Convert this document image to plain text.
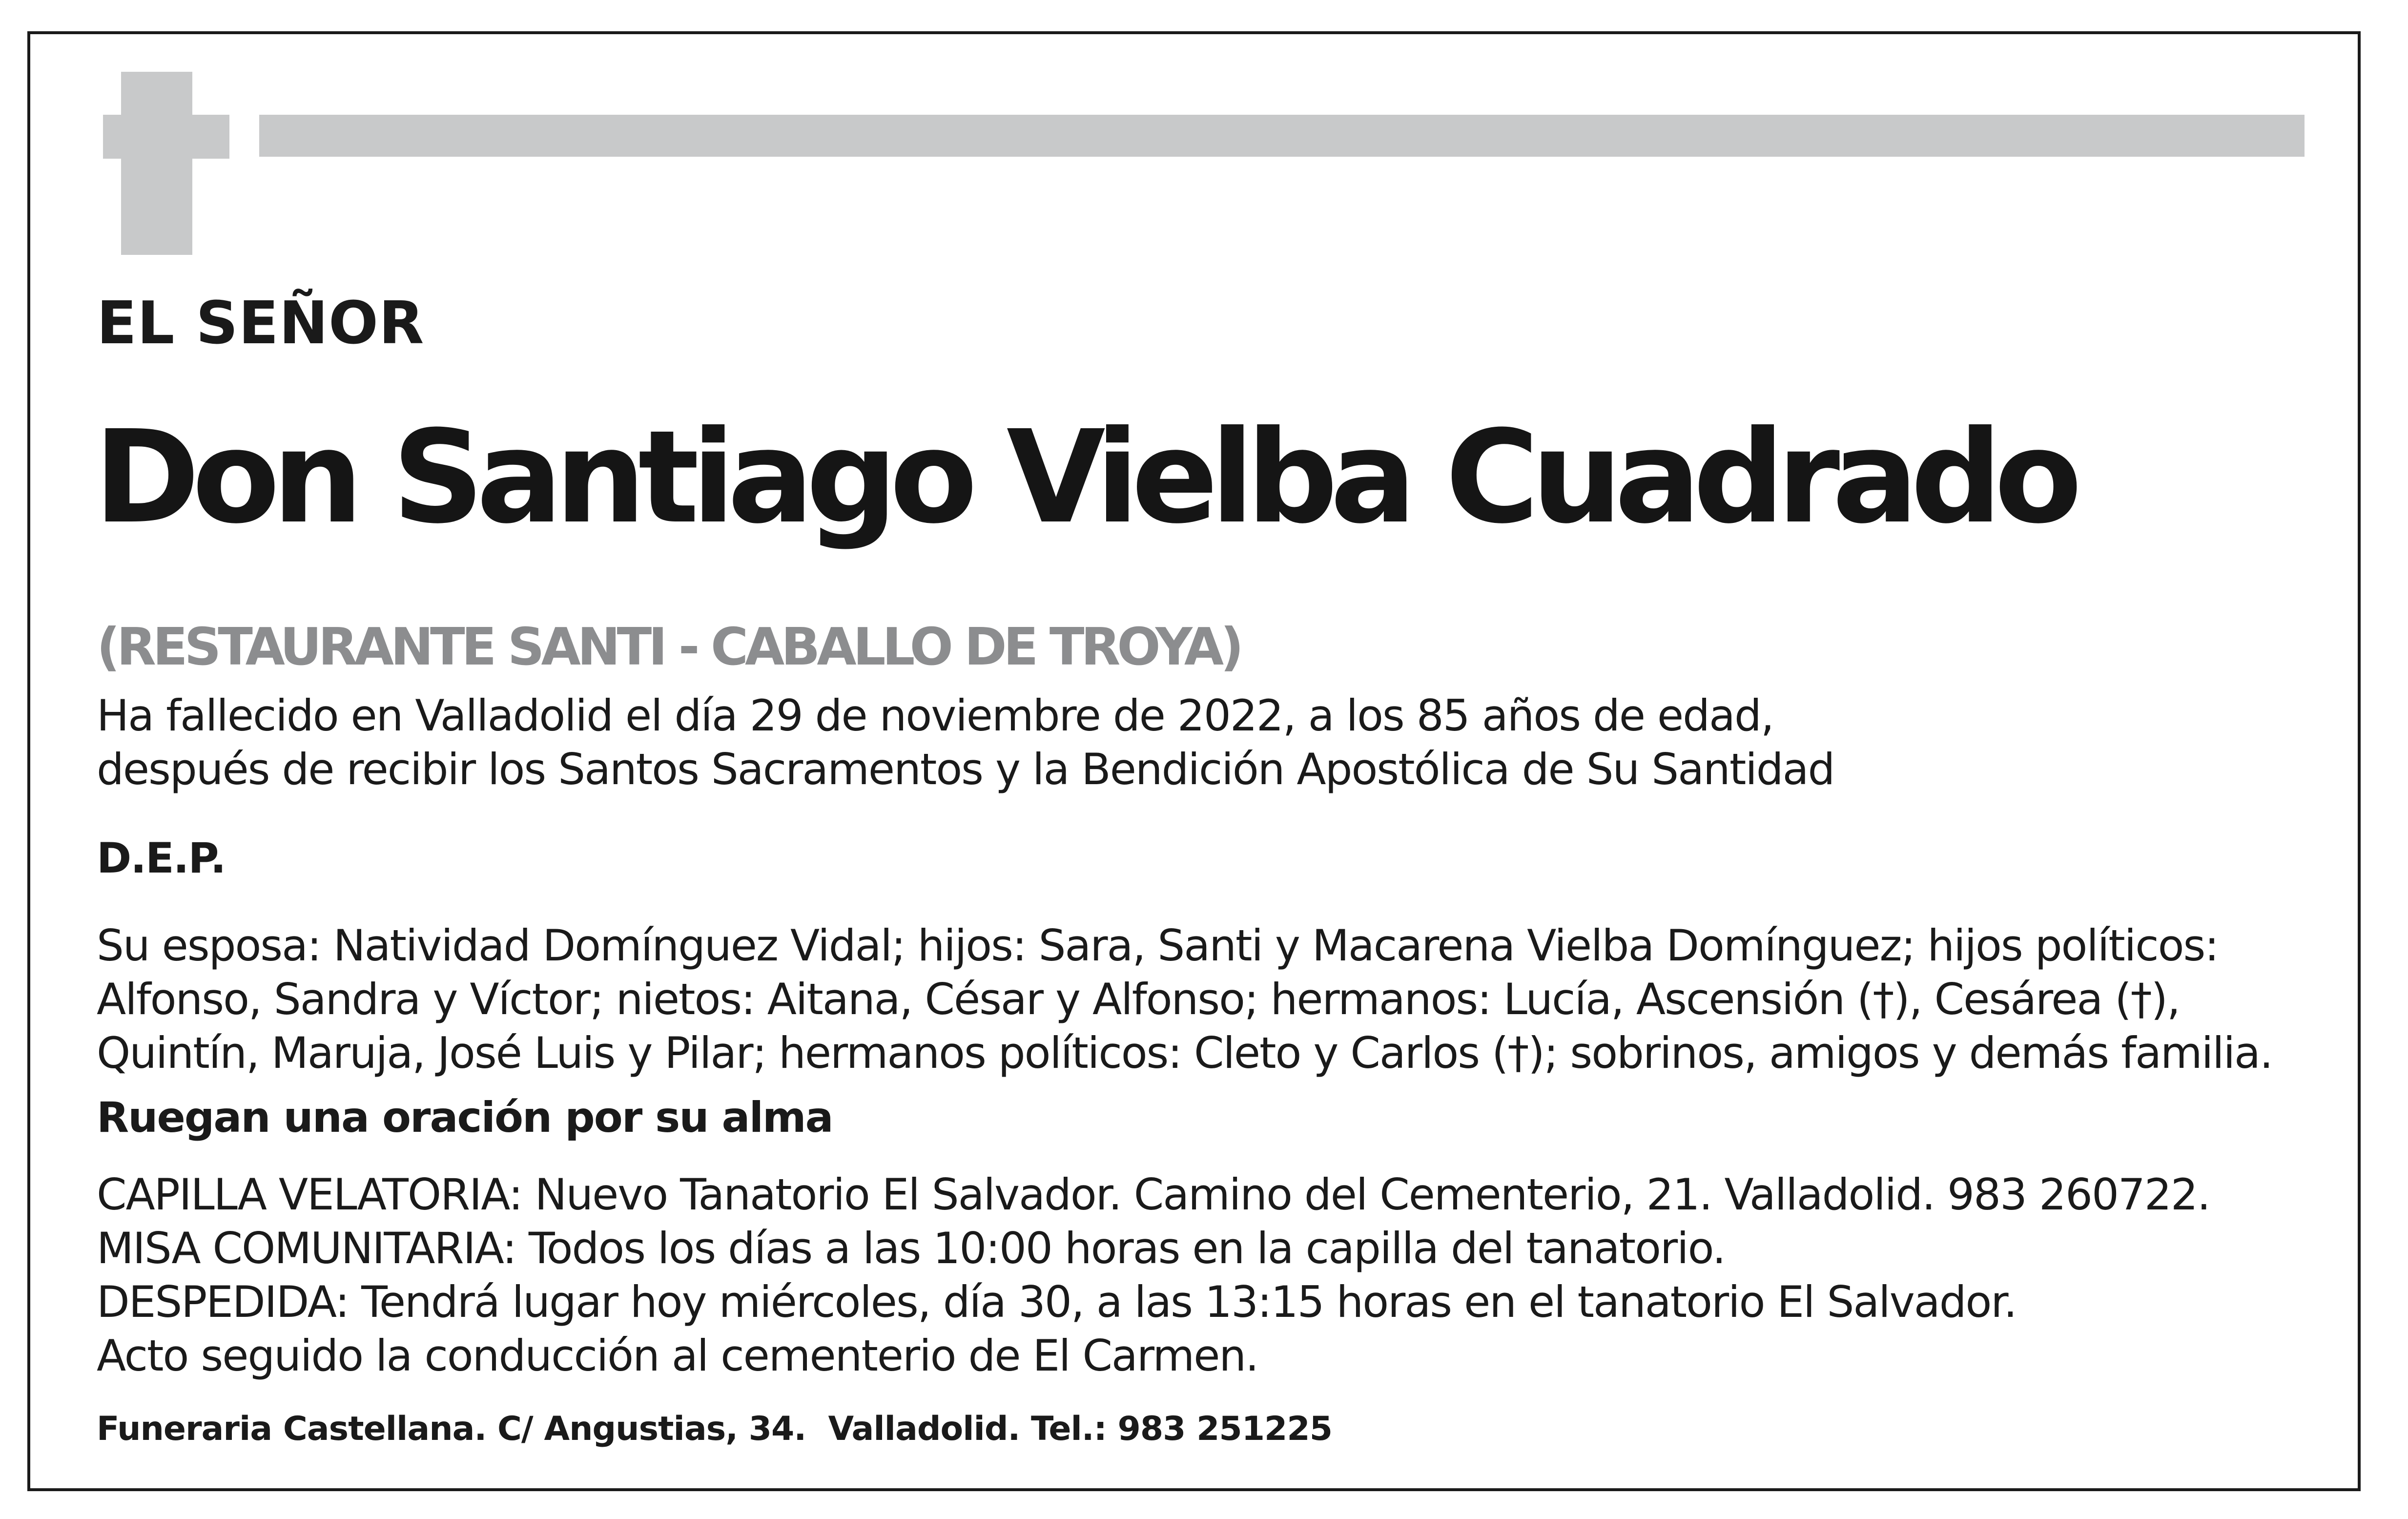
EL SEÑOR
Don Santiago Vielba Cuadrado
(RESTAURANTE SANTI - CABALLO DE TROYA)
Ha fallecido en Valladolid el día 29 de noviembre de 2022, a los 85 años de edad,
después de recibir los Santos Sacramentos y la Bendición Apostólica de Su Santidad
D.E.P.
Su esposa: Natividad Domínguez Vidal; hijos: Sara, Santi y Macarena Vielba Domínguez; hijos políticos:
Alfonso, Sandra y Víctor; nietos: Aitana, César y Alfonso; hermanos: Lucía, Ascensión (†), Cesárea (†),
Quintín, Maruja, José Luis y Pilar; hermanos políticos: Cleto y Carlos (†); sobrinos, amigos y demás familia.
Ruegan una oración por su alma
CAPILLA VELATORIA: Nuevo Tanatorio El Salvador. Camino del Cementerio, 21. Valladolid. 983 260722.
MISA COMUNITARIA: Todos los días a las 10:00 horas en la capilla del tanatorio.
DESPEDIDA: Tendrá lugar hoy miércoles, día 30, a las 13:15 horas en el tanatorio El Salvador.
Acto seguido la conducción al cementerio de El Carmen.
Funeraria Castellana. C/ Angustias, 34.  Valladolid. Tel.: 983 251225
